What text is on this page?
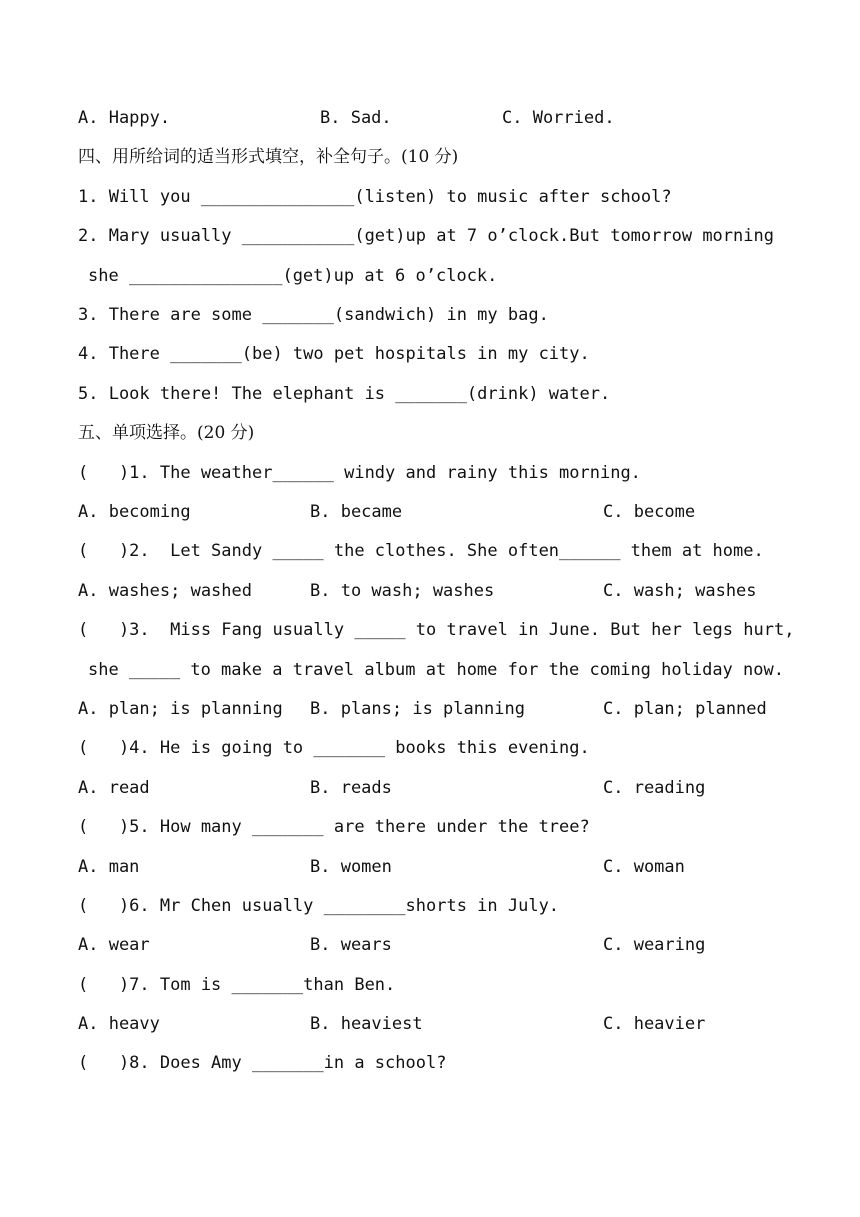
A. Happy.

	B. Sad.

	C. Worried.

四、用所给词的适当形式填空，补全句子。(10 分)
1. Will you _______________(listen) to music after school?
2. Mary usually ___________(get)up at 7 o’clock.But tomorrow morning
she _______________(get)up at 6 o’clock.
3. There are some _______(sandwich) in my bag.
4. There _______(be) two pet hospitals in my city.
5. Look there! The elephant is _______(drink) water.
五、单项选择。(20 分)
(   )1. The weather______ windy and rainy this morning.

A. becoming

	B. became

	C. become

(   )2.  Let Sandy _____ the clothes. She often______ them at home.

A. washes; washed

	B. to wash; washes

	C. wash; washes

(   )3.  Miss Fang usually _____ to travel in June. But her legs hurt,
she _____ to make a travel album at home for the coming holiday now.

A. plan; is planning

B. plans; is planning

	C. plan; planned

(   )4. He is going to _______ books this evening.

A. read

	B. reads

	C. reading

(   )5. How many _______ are there under the tree?

A. man

	B. women

	C. woman

(   )6. Mr Chen usually ________shorts in July.

A. wear

	B. wears

	C. wearing

(   )7. Tom is _______than Ben.

A. heavy

	B. heaviest

	C. heavier

(   )8. Does Amy _______in a school?
